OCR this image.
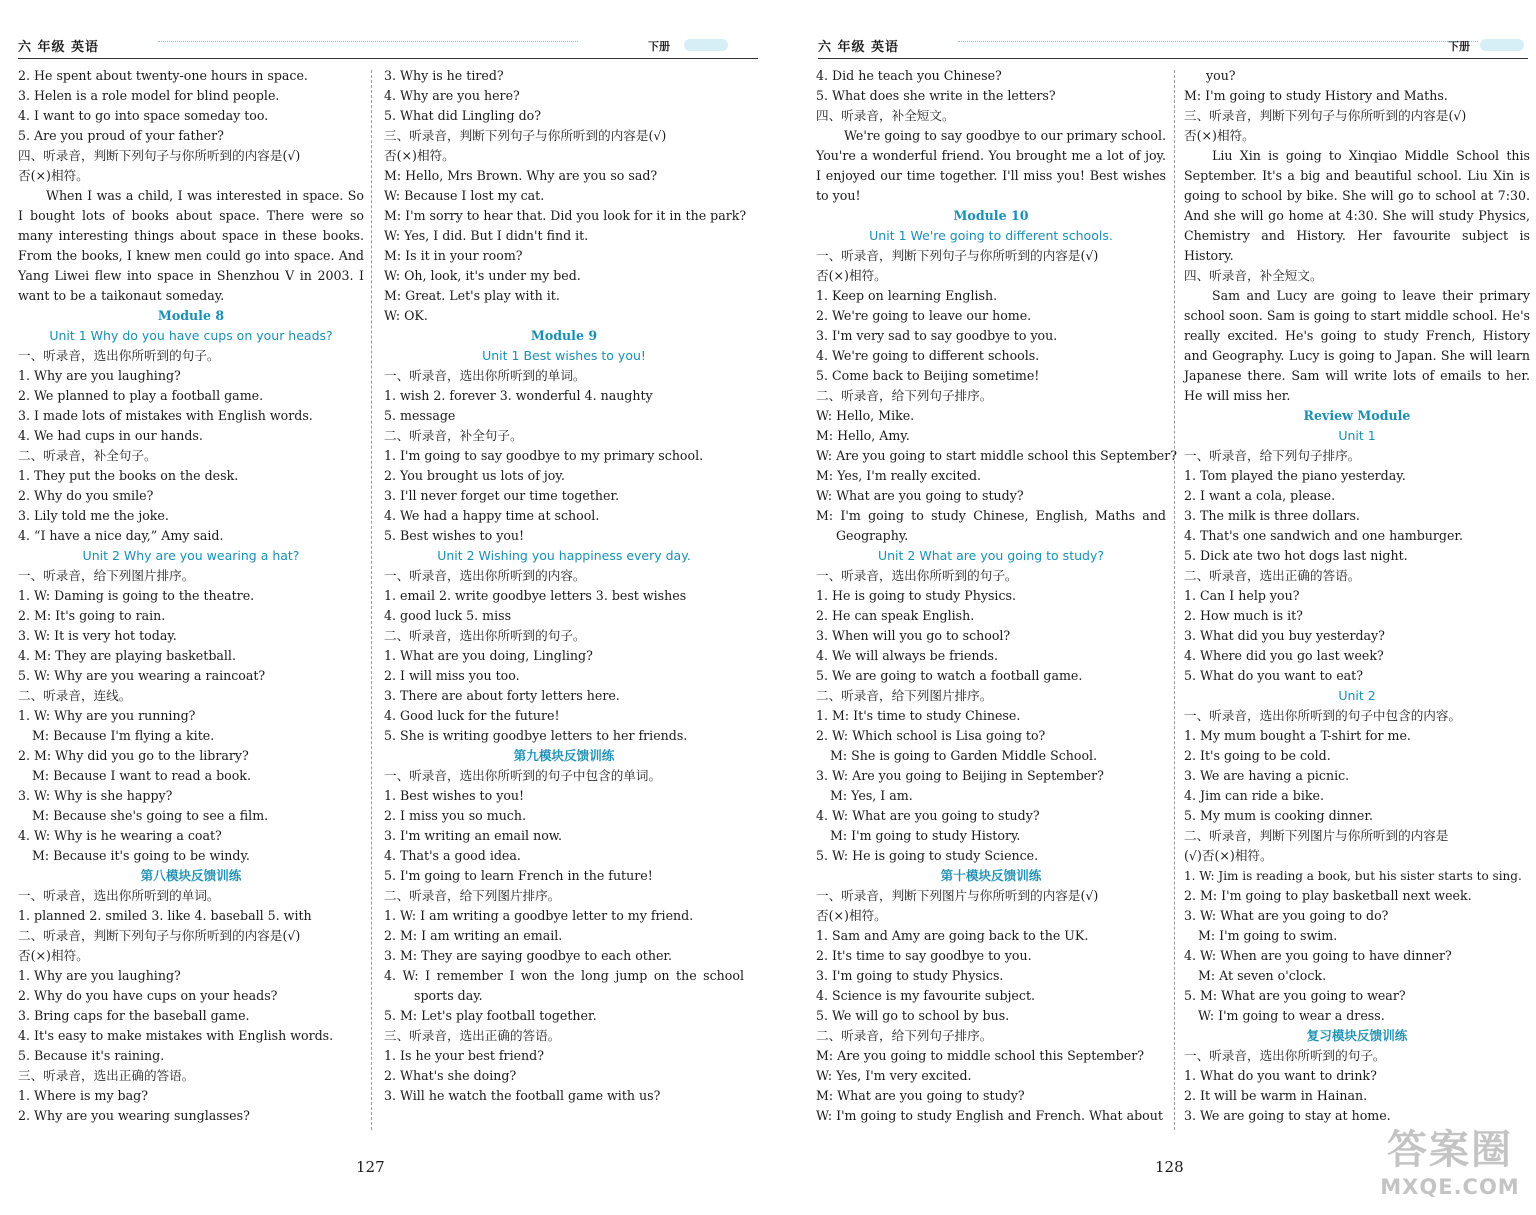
六 年级 英语	下册
2. He spent about twenty-one hours in space.
3. Helen is a role model for blind people.
4. I want to go into space someday too.
5. Are you proud of your father?
四、听录音，判断下列句子与你所听到的内容是(√)
否(×)相符。
When I was a child, I was interested in space. So I bought lots of books about space. There were so many interesting things about space in these books. From the books, I knew men could go into space. And Yang Liwei flew into space in Shenzhou V in 2003. I want to be a taikonaut someday.
Module 8
Unit 1 Why do you have cups on your heads?
一、听录音，选出你所听到的句子。
1. Why are you laughing?
2. We planned to play a football game.
3. I made lots of mistakes with English words.
4. We had cups in our hands.
二、听录音，补全句子。
1. They put the books on the desk.
2. Why do you smile?
3. Lily told me the joke.
4. “I have a nice day,” Amy said.
Unit 2 Why are you wearing a hat?
一、听录音，给下列图片排序。
1. W: Daming is going to the theatre.
2. M: It's going to rain.
3. W: It is very hot today.
4. M: They are playing basketball.
5. W: Why are you wearing a raincoat?
二、听录音，连线。
1. W: Why are you running?
M: Because I'm flying a kite.
2. M: Why did you go to the library?
M: Because I want to read a book.
3. W: Why is she happy?
M: Because she's going to see a film.
4. W: Why is he wearing a coat?
M: Because it's going to be windy.
第八模块反馈训练
一、听录音，选出你所听到的单词。
1. planned 2. smiled 3. like 4. baseball 5. with
二、听录音，判断下列句子与你所听到的内容是(√)
否(×)相符。
1. Why are you laughing?
2. Why do you have cups on your heads?
3. Bring caps for the baseball game.
4. It's easy to make mistakes with English words.
5. Because it's raining.
三、听录音，选出正确的答语。
1. Where is my bag?
2. Why are you wearing sunglasses?
3. Why is he tired?
4. Why are you here?
5. What did Lingling do?
三、听录音，判断下列句子与你所听到的内容是(√)
否(×)相符。
M: Hello, Mrs Brown. Why are you so sad?
W: Because I lost my cat.
M: I'm sorry to hear that. Did you look for it in the park?
W: Yes, I did. But I didn't find it.
M: Is it in your room?
W: Oh, look, it's under my bed.
M: Great. Let's play with it.
W: OK.
Module 9
Unit 1 Best wishes to you!
一、听录音，选出你所听到的单词。
1. wish 2. forever 3. wonderful 4. naughty
5. message
二、听录音，补全句子。
1. I'm going to say goodbye to my primary school.
2. You brought us lots of joy.
3. I'll never forget our time together.
4. We had a happy time at school.
5. Best wishes to you!
Unit 2 Wishing you happiness every day.
一、听录音，选出你所听到的内容。
1. email 2. write goodbye letters 3. best wishes
4. good luck 5. miss
二、听录音，选出你所听到的句子。
1. What are you doing, Lingling?
2. I will miss you too.
3. There are about forty letters here.
4. Good luck for the future!
5. She is writing goodbye letters to her friends.
第九模块反馈训练
一、听录音，选出你所听到的句子中包含的单词。
1. Best wishes to you!
2. I miss you so much.
3. I'm writing an email now.
4. That's a good idea.
5. I'm going to learn French in the future!
二、听录音，给下列图片排序。
1. W: I am writing a goodbye letter to my friend.
2. M: I am writing an email.
3. M: They are saying goodbye to each other.
4. W: I remember I won the long jump on the school sports day.
5. M: Let's play football together.
三、听录音，选出正确的答语。
1. Is he your best friend?
2. What's she doing?
3. Will he watch the football game with us?
127
六 年级 英语	下册
4. Did he teach you Chinese?
5. What does she write in the letters?
四、听录音，补全短文。
We're going to say goodbye to our primary school. You're a wonderful friend. You brought me a lot of joy. I enjoyed our time together. I'll miss you! Best wishes to you!
Module 10
Unit 1 We're going to different schools.
一、听录音，判断下列句子与你所听到的内容是(√)
否(×)相符。
1. Keep on learning English.
2. We're going to leave our home.
3. I'm very sad to say goodbye to you.
4. We're going to different schools.
5. Come back to Beijing sometime!
二、听录音，给下列句子排序。
W: Hello, Mike.
M: Hello, Amy.
W: Are you going to start middle school this September?
M: Yes, I'm really excited.
W: What are you going to study?
M: I'm going to study Chinese, English, Maths and Geography.
Unit 2 What are you going to study?
一、听录音，选出你所听到的句子。
1. He is going to study Physics.
2. He can speak English.
3. When will you go to school?
4. We will always be friends.
5. We are going to watch a football game.
二、听录音，给下列图片排序。
1. M: It's time to study Chinese.
2. W: Which school is Lisa going to?
M: She is going to Garden Middle School.
3. W: Are you going to Beijing in September?
M: Yes, I am.
4. W: What are you going to study?
M: I'm going to study History.
5. W: He is going to study Science.
第十模块反馈训练
一、听录音，判断下列图片与你所听到的内容是(√)
否(×)相符。
1. Sam and Amy are going back to the UK.
2. It's time to say goodbye to you.
3. I'm going to study Physics.
4. Science is my favourite subject.
5. We will go to school by bus.
二、听录音，给下列句子排序。
M: Are you going to middle school this September?
W: Yes, I'm very excited.
M: What are you going to study?
W: I'm going to study English and French. What about
you?
M: I'm going to study History and Maths.
三、听录音，判断下列句子与你所听到的内容是(√)
否(×)相符。
Liu Xin is going to Xinqiao Middle School this September. It's a big and beautiful school. Liu Xin is going to school by bike. She will go to school at 7:30. And she will go home at 4:30. She will study Physics, Chemistry and History. Her favourite subject is History.
四、听录音，补全短文。
Sam and Lucy are going to leave their primary school soon. Sam is going to start middle school. He's really excited. He's going to study French, History and Geography. Lucy is going to Japan. She will learn Japanese there. Sam will write lots of emails to her. He will miss her.
Review Module
Unit 1
一、听录音，给下列句子排序。
1. Tom played the piano yesterday.
2. I want a cola, please.
3. The milk is three dollars.
4. That's one sandwich and one hamburger.
5. Dick ate two hot dogs last night.
二、听录音，选出正确的答语。
1. Can I help you?
2. How much is it?
3. What did you buy yesterday?
4. Where did you go last week?
5. What do you want to eat?
Unit 2
一、听录音，选出你所听到的句子中包含的内容。
1. My mum bought a T-shirt for me.
2. It's going to be cold.
3. We are having a picnic.
4. Jim can ride a bike.
5. My mum is cooking dinner.
二、听录音，判断下列图片与你所听到的内容是
(√)否(×)相符。
1. W: Jim is reading a book, but his sister starts to sing.
2. M: I'm going to play basketball next week.
3. W: What are you going to do?
M: I'm going to swim.
4. W: When are you going to have dinner?
M: At seven o'clock.
5. M: What are you going to wear?
W: I'm going to wear a dress.
复习模块反馈训练
一、听录音，选出你所听到的句子。
1. What do you want to drink?
2. It will be warm in Hainan.
3. We are going to stay at home.
128	答案圈
MXQE.COM
